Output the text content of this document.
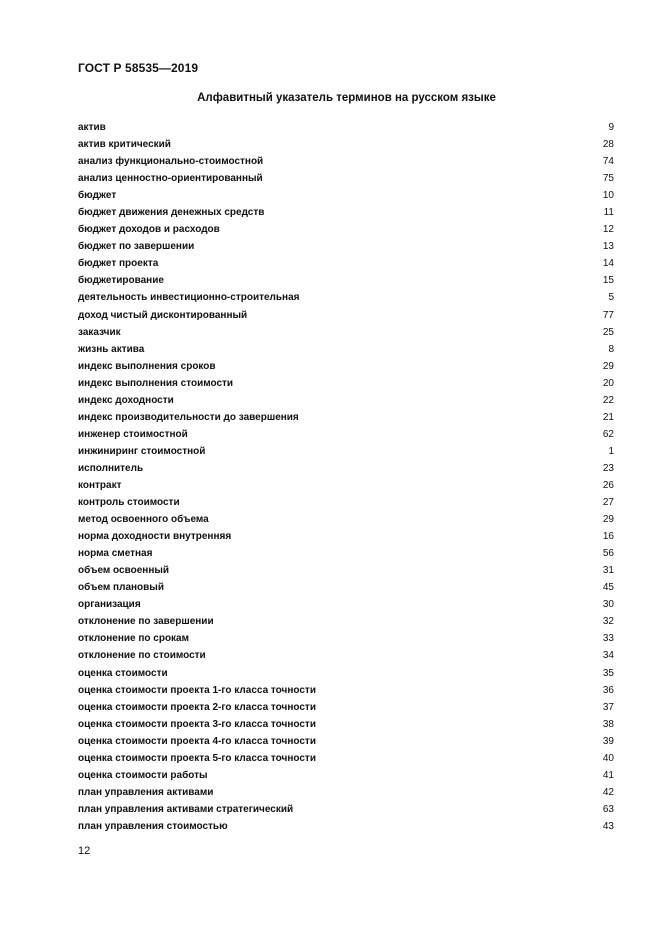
ГОСТ Р 58535—2019
Алфавитный указатель терминов на русском языке
актив	9
актив критический	28
анализ функционально-стоимостной	74
анализ ценностно-ориентированный	75
бюджет	10
бюджет движения денежных средств	11
бюджет доходов и расходов	12
бюджет по завершении	13
бюджет проекта	14
бюджетирование	15
деятельность инвестиционно-строительная	5
доход чистый дисконтированный	77
заказчик	25
жизнь актива	8
индекс выполнения сроков	29
индекс выполнения стоимости	20
индекс доходности	22
индекс производительности до завершения	21
инженер стоимостной	62
инжиниринг стоимостной	1
исполнитель	23
контракт	26
контроль стоимости	27
метод освоенного объема	29
норма доходности внутренняя	16
норма сметная	56
объем освоенный	31
объем плановый	45
организация	30
отклонение по завершении	32
отклонение по срокам	33
отклонение по стоимости	34
оценка стоимости	35
оценка стоимости проекта 1-го класса точности	36
оценка стоимости проекта 2-го класса точности	37
оценка стоимости проекта 3-го класса точности	38
оценка стоимости проекта 4-го класса точности	39
оценка стоимости проекта 5-го класса точности	40
оценка стоимости работы	41
план управления активами	42
план управления активами стратегический	63
план управления стоимостью	43
12
